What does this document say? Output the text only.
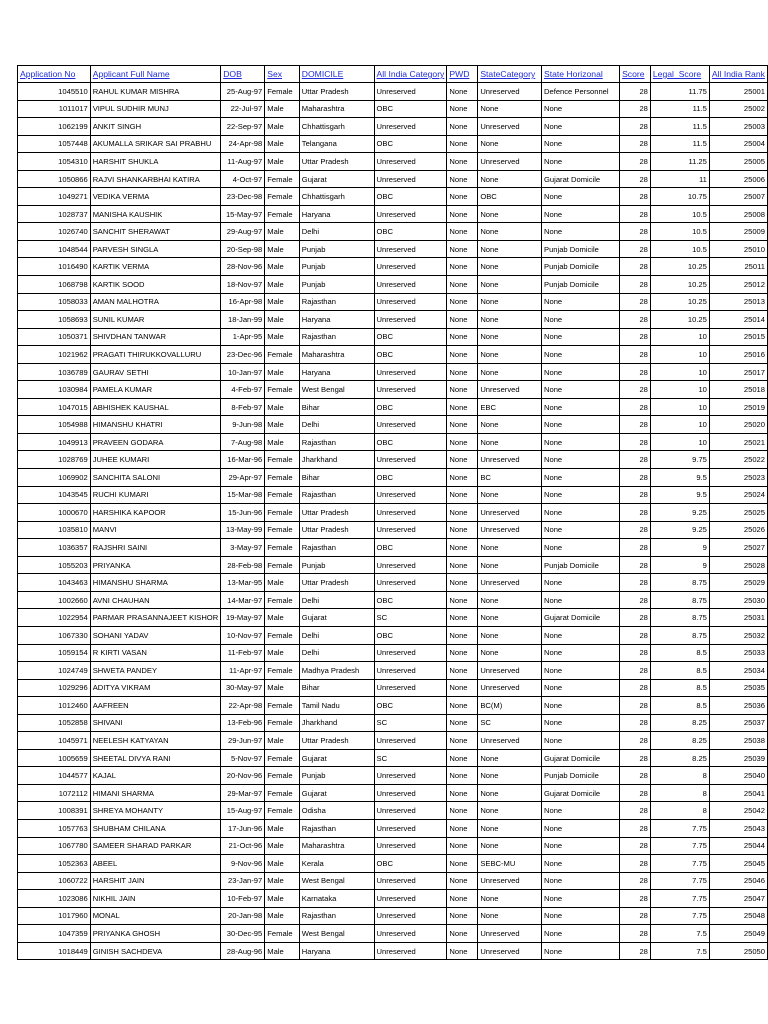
Application No	Applicant Full Name	DOB	Sex	DOMICILE	All India Category	PWD	StateCategory	State Horizonal	Score	Legal_Score	All India Rank
1045510	RAHUL KUMAR MISHRA	25-Aug-97	Female	Uttar Pradesh	Unreserved	None	Unreserved	Defence Personnel	28	11.75	25001
1011017	VIPUL SUDHIR MUNJ	22-Jul-97	Male	Maharashtra	OBC	None	None	None	28	11.5	25002
1062199	ANKIT SINGH	22-Sep-97	Male	Chhattisgarh	Unreserved	None	Unreserved	None	28	11.5	25003
1057448	AKUMALLA SRIKAR SAI PRABHU	24-Apr-98	Male	Telangana	OBC	None	None	None	28	11.5	25004
1054310	HARSHIT SHUKLA	11-Aug-97	Male	Uttar Pradesh	Unreserved	None	Unreserved	None	28	11.25	25005
1050866	RAJVI SHANKARBHAI KATIRA	4-Oct-97	Female	Gujarat	Unreserved	None	None	Gujarat Domicile	28	11	25006
1049271	VEDIKA VERMA	23-Dec-98	Female	Chhattisgarh	OBC	None	OBC	None	28	10.75	25007
1028737	MANISHA KAUSHIK	15-May-97	Female	Haryana	Unreserved	None	None	None	28	10.5	25008
1026740	SANCHIT SHERAWAT	29-Aug-97	Male	Delhi	OBC	None	None	None	28	10.5	25009
1048544	PARVESH SINGLA	20-Sep-98	Male	Punjab	Unreserved	None	None	Punjab Domicile	28	10.5	25010
1016490	KARTIK VERMA	28-Nov-96	Male	Punjab	Unreserved	None	None	Punjab Domicile	28	10.25	25011
1068798	KARTIK SOOD	18-Nov-97	Male	Punjab	Unreserved	None	None	Punjab Domicile	28	10.25	25012
1058033	AMAN MALHOTRA	16-Apr-98	Male	Rajasthan	Unreserved	None	None	None	28	10.25	25013
1058693	SUNIL KUMAR	18-Jan-99	Male	Haryana	Unreserved	None	None	None	28	10.25	25014
1050371	SHIVDHAN TANWAR	1-Apr-95	Male	Rajasthan	OBC	None	None	None	28	10	25015
1021962	PRAGATI THIRUKKOVALLURU	23-Dec-96	Female	Maharashtra	OBC	None	None	None	28	10	25016
1036789	GAURAV SETHI	10-Jan-97	Male	Haryana	Unreserved	None	None	None	28	10	25017
1030984	PAMELA KUMAR	4-Feb-97	Female	West Bengal	Unreserved	None	Unreserved	None	28	10	25018
1047015	ABHISHEK KAUSHAL	8-Feb-97	Male	Bihar	OBC	None	EBC	None	28	10	25019
1054988	HIMANSHU KHATRI	9-Jun-98	Male	Delhi	Unreserved	None	None	None	28	10	25020
1049913	PRAVEEN GODARA	7-Aug-98	Male	Rajasthan	OBC	None	None	None	28	10	25021
1028769	JUHEE KUMARI	16-Mar-96	Female	Jharkhand	Unreserved	None	Unreserved	None	28	9.75	25022
1069902	SANCHITA SALONI	29-Apr-97	Female	Bihar	OBC	None	BC	None	28	9.5	25023
1043545	RUCHI KUMARI	15-Mar-98	Female	Rajasthan	Unreserved	None	None	None	28	9.5	25024
1000670	HARSHIKA KAPOOR	15-Jun-96	Female	Uttar Pradesh	Unreserved	None	Unreserved	None	28	9.25	25025
1035810	MANVI	13-May-99	Female	Uttar Pradesh	Unreserved	None	Unreserved	None	28	9.25	25026
1036357	RAJSHRI SAINI	3-May-97	Female	Rajasthan	OBC	None	None	None	28	9	25027
1055203	PRIYANKA	28-Feb-98	Female	Punjab	Unreserved	None	None	Punjab Domicile	28	9	25028
1043463	HIMANSHU SHARMA	13-Mar-95	Male	Uttar Pradesh	Unreserved	None	Unreserved	None	28	8.75	25029
1002660	AVNI CHAUHAN	14-Mar-97	Female	Delhi	OBC	None	None	None	28	8.75	25030
1022954	PARMAR PRASANNAJEET KISHOR	19-May-97	Male	Gujarat	SC	None	None	Gujarat Domicile	28	8.75	25031
1067330	SOHANI YADAV	10-Nov-97	Female	Delhi	OBC	None	None	None	28	8.75	25032
1059154	R KIRTI VASAN	11-Feb-97	Male	Delhi	Unreserved	None	None	None	28	8.5	25033
1024749	SHWETA PANDEY	11-Apr-97	Female	Madhya Pradesh	Unreserved	None	Unreserved	None	28	8.5	25034
1029296	ADITYA VIKRAM	30-May-97	Male	Bihar	Unreserved	None	Unreserved	None	28	8.5	25035
1012460	AAFREEN	22-Apr-98	Female	Tamil Nadu	OBC	None	BC(M)	None	28	8.5	25036
1052858	SHIVANI	13-Feb-96	Female	Jharkhand	SC	None	SC	None	28	8.25	25037
1045971	NEELESH KATYAYAN	29-Jun-97	Male	Uttar Pradesh	Unreserved	None	Unreserved	None	28	8.25	25038
1005659	SHEETAL DIVYA RANI	5-Nov-97	Female	Gujarat	SC	None	None	Gujarat Domicile	28	8.25	25039
1044577	KAJAL	20-Nov-96	Female	Punjab	Unreserved	None	None	Punjab Domicile	28	8	25040
1072112	HIMANI SHARMA	29-Mar-97	Female	Gujarat	Unreserved	None	None	Gujarat Domicile	28	8	25041
1008391	SHREYA MOHANTY	15-Aug-97	Female	Odisha	Unreserved	None	None	None	28	8	25042
1057763	SHUBHAM CHILANA	17-Jun-96	Male	Rajasthan	Unreserved	None	None	None	28	7.75	25043
1067780	SAMEER SHARAD PARKAR	21-Oct-96	Male	Maharashtra	Unreserved	None	None	None	28	7.75	25044
1052363	ABEEL	9-Nov-96	Male	Kerala	OBC	None	SEBC-MU	None	28	7.75	25045
1060722	HARSHIT JAIN	23-Jan-97	Male	West Bengal	Unreserved	None	Unreserved	None	28	7.75	25046
1023086	NIKHIL JAIN	10-Feb-97	Male	Karnataka	Unreserved	None	None	None	28	7.75	25047
1017960	MONAL	20-Jan-98	Male	Rajasthan	Unreserved	None	None	None	28	7.75	25048
1047359	PRIYANKA GHOSH	30-Dec-95	Female	West Bengal	Unreserved	None	Unreserved	None	28	7.5	25049
1018449	GINISH SACHDEVA	28-Aug-96	Male	Haryana	Unreserved	None	Unreserved	None	28	7.5	25050
